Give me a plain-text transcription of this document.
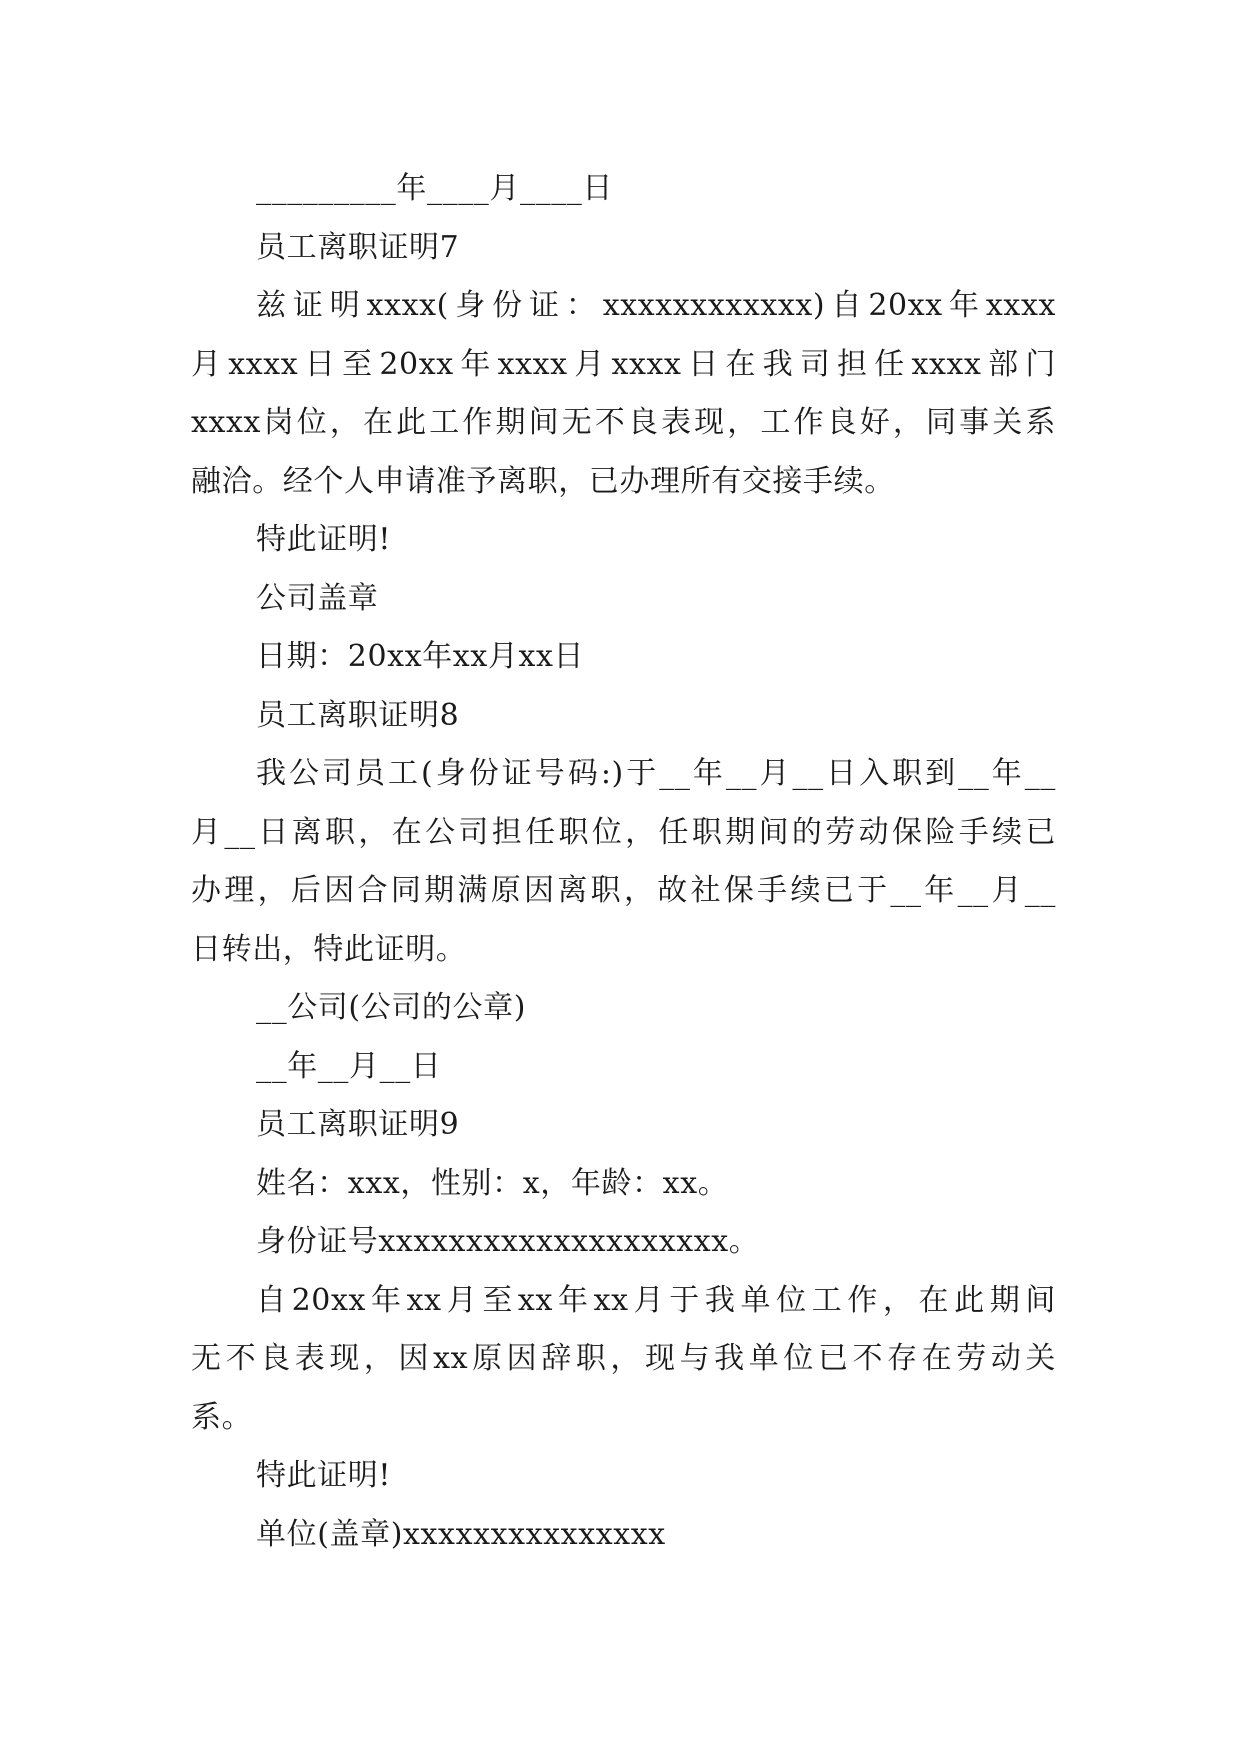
_________年____月____日

员工离职证明7

兹证明xxxx(身份证：xxxxxxxxxxxx)自20xx年xxxx

月xxxx日至20xx年xxxx月xxxx日在我司担任xxxx部门

xxxx岗位，在此工作期间无不良表现，工作良好，同事关系

融洽。经个人申请准予离职，已办理所有交接手续。

特此证明!

公司盖章

日期：20xx年xx月xx日

员工离职证明8

我公司员工(身份证号码:)于__年__月__日入职到__年__

月__日离职，在公司担任职位，任职期间的劳动保险手续已

办理，后因合同期满原因离职，故社保手续已于__年__月__

日转出，特此证明。

__公司(公司的公章)

__年__月__日

员工离职证明9

姓名：xxx，性别：x，年龄：xx。

身份证号xxxxxxxxxxxxxxxxxxxx。

自20xx年xx月至xx年xx月于我单位工作，在此期间

无不良表现，因xx原因辞职，现与我单位已不存在劳动关

系。

特此证明!

单位(盖章)xxxxxxxxxxxxxxx
